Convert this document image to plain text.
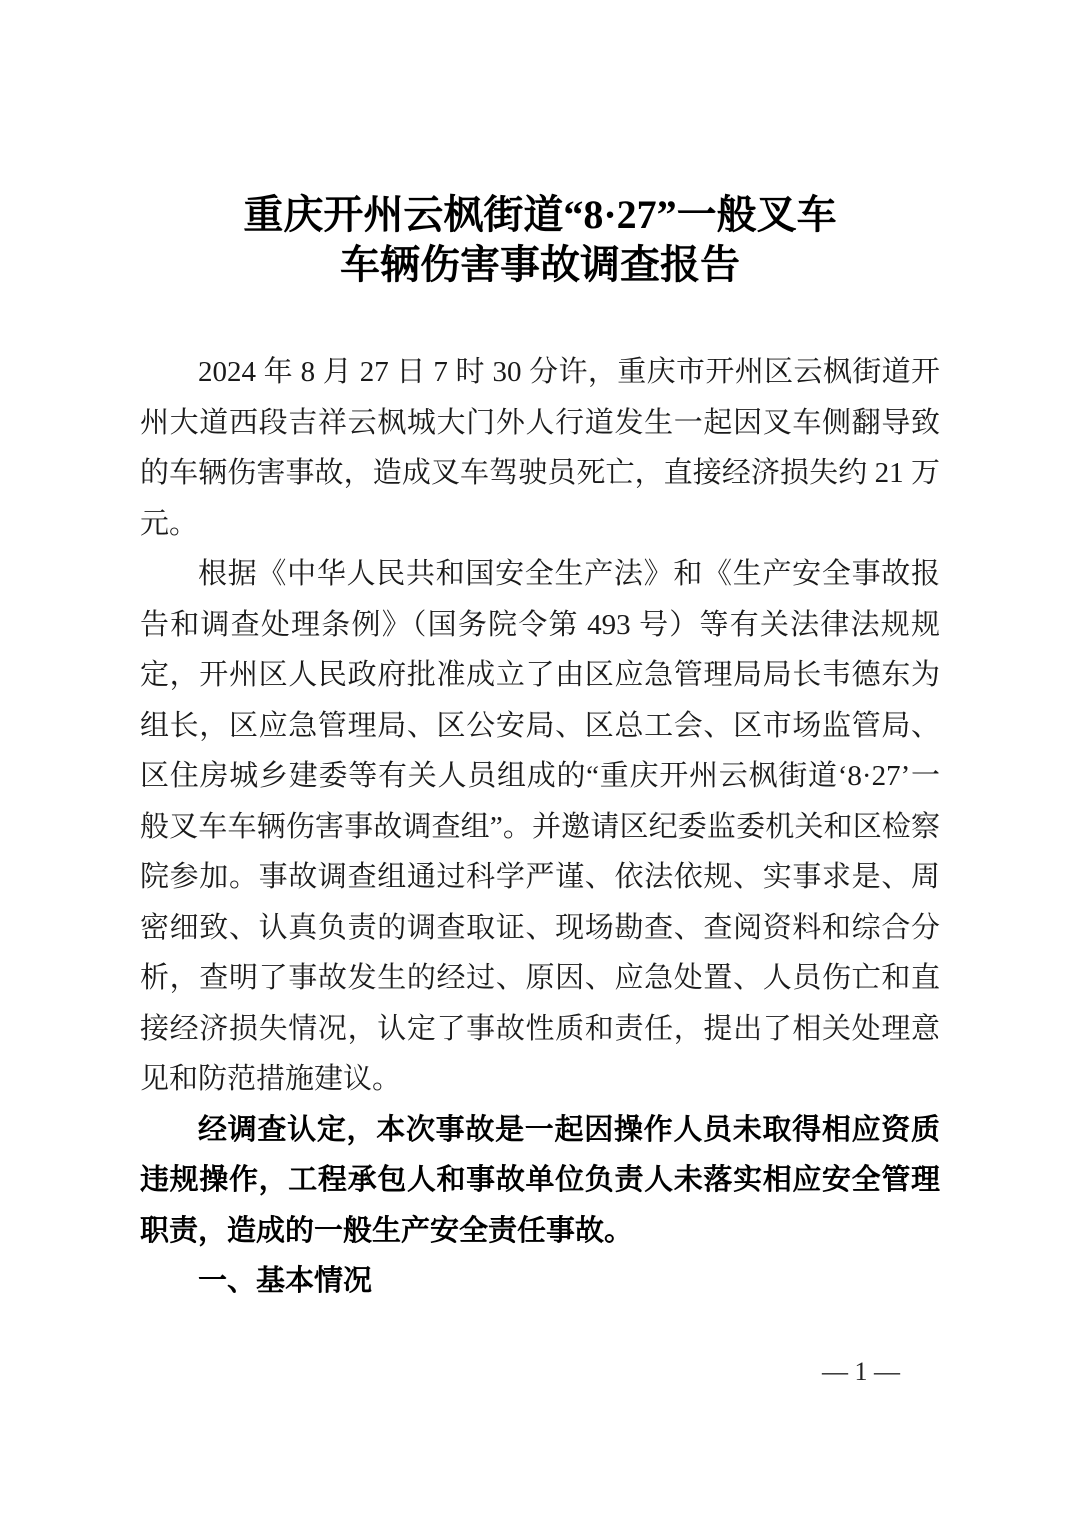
重庆开州云枫街道“8·27”一般叉车
车辆伤害事故调查报告

2024 年 8 月 27 日 7 时 30 分许，重庆市开州区云枫街道开州大道西段吉祥云枫城大门外人行道发生一起因叉车侧翻导致的车辆伤害事故，造成叉车驾驶员死亡，直接经济损失约 21 万元。

根据《中华人民共和国安全生产法》和《生产安全事故报告和调查处理条例》（国务院令第 493 号）等有关法律法规规定，开州区人民政府批准成立了由区应急管理局局长韦德东为组长，区应急管理局、区公安局、区总工会、区市场监管局、区住房城乡建委等有关人员组成的“重庆开州云枫街道‘8·27’一般叉车车辆伤害事故调查组”。并邀请区纪委监委机关和区检察院参加。事故调查组通过科学严谨、依法依规、实事求是、周密细致、认真负责的调查取证、现场勘查、查阅资料和综合分析，查明了事故发生的经过、原因、应急处置、人员伤亡和直接经济损失情况，认定了事故性质和责任，提出了相关处理意见和防范措施建议。

经调查认定，本次事故是一起因操作人员未取得相应资质违规操作，工程承包人和事故单位负责人未落实相应安全管理职责，造成的一般生产安全责任事故。

一、基本情况

— 1 —
